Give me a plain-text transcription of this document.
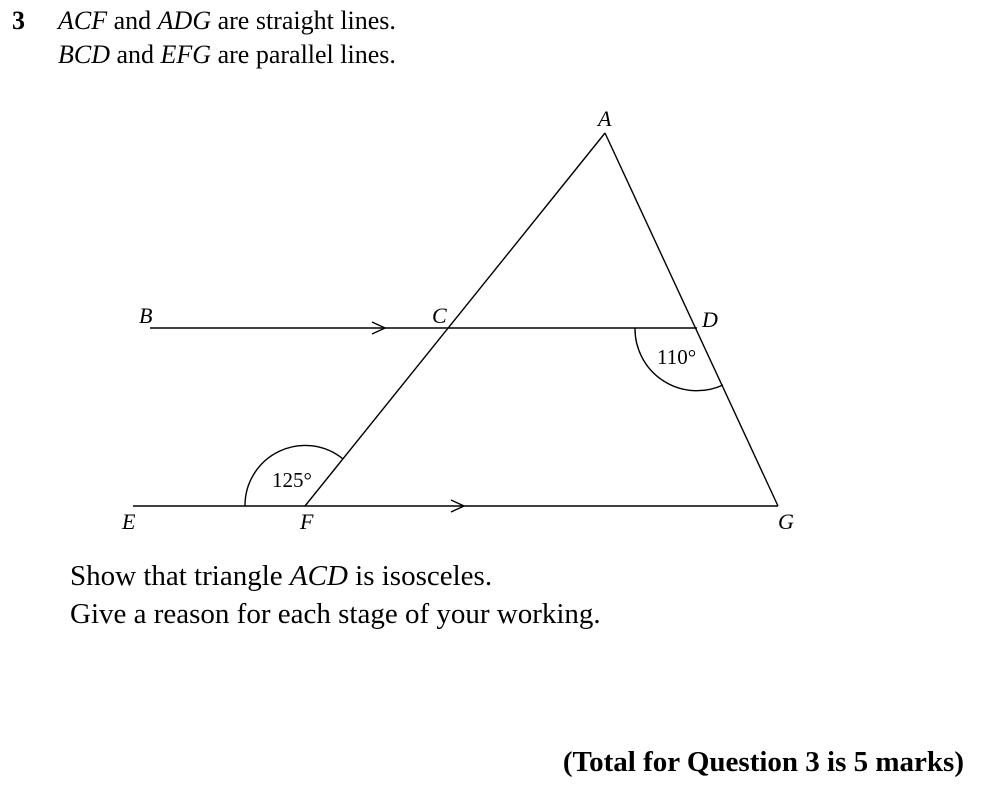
3 ACF and ADG are straight lines.
BCD and EFG are parallel lines.
A
B	C	D
E	F	G
110°
125°
Show that triangle ACD is isosceles.
Give a reason for each stage of your working.
(Total for Question 3 is 5 marks)
